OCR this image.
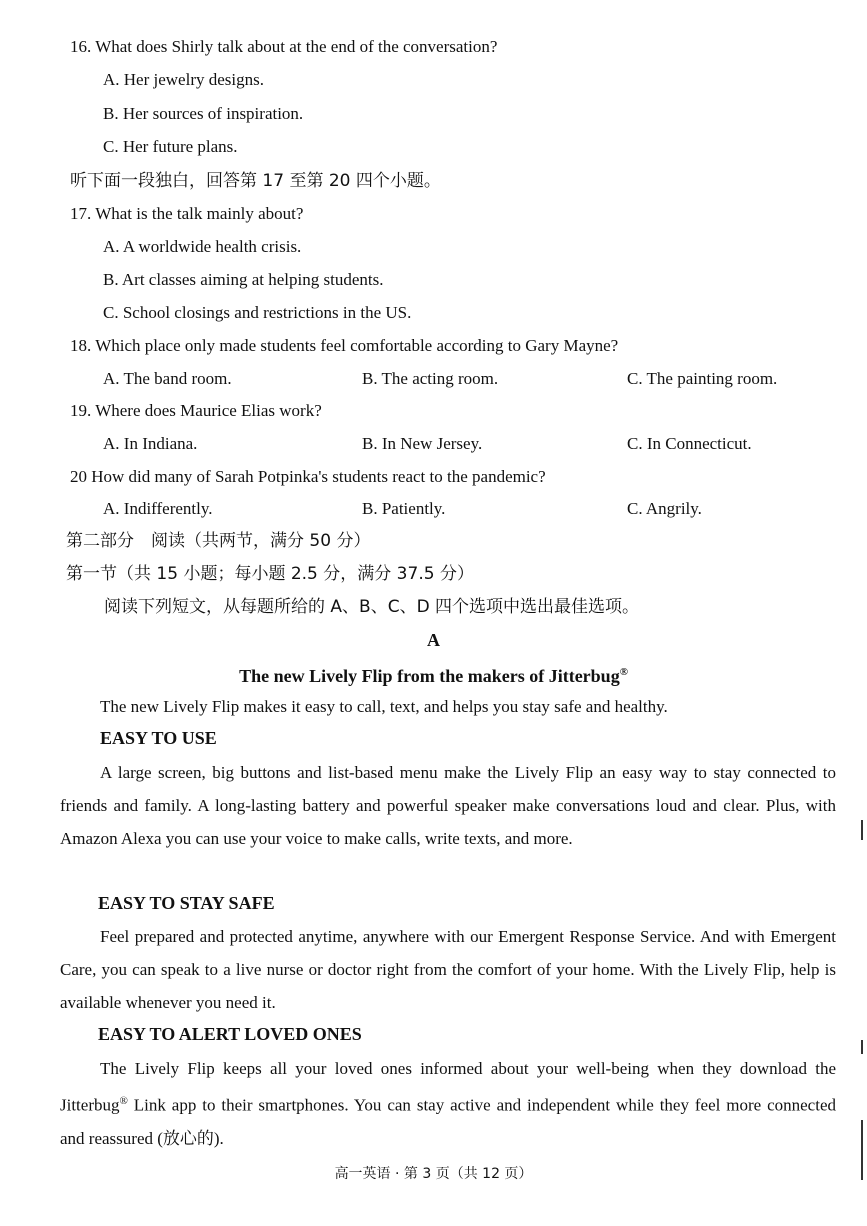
16. What does Shirly talk about at the end of the conversation?
A. Her jewelry designs.
B. Her sources of inspiration.
C. Her future plans.
听下面一段独白，回答第 17 至第 20 四个小题。
17. What is the talk mainly about?
A. A worldwide health crisis.
B. Art classes aiming at helping students.
C. School closings and restrictions in the US.
18. Which place only made students feel comfortable according to Gary Mayne?
A. The band room.	B. The acting room.	C. The painting room.
19. Where does Maurice Elias work?
A. In Indiana.	B. In New Jersey.	C. In Connecticut.
20 How did many of Sarah Potpinka's students react to the pandemic?
A. Indifferently.	B. Patiently.	C. Angrily.
第二部分　阅读（共两节，满分 50 分）
第一节（共 15 小题；每小题 2.5 分，满分 37.5 分）
阅读下列短文，从每题所给的 A、B、C、D 四个选项中选出最佳选项。
A
The new Lively Flip from the makers of Jitterbug®
The new Lively Flip makes it easy to call, text, and helps you stay safe and healthy.
EASY TO USE
A large screen, big buttons and list-based menu make the Lively Flip an easy way to stay connected to friends and family. A long-lasting battery and powerful speaker make conversations loud and clear. Plus, with Amazon Alexa you can use your voice to make calls, write texts, and more.
EASY TO STAY SAFE
Feel prepared and protected anytime, anywhere with our Emergent Response Service. And with Emergent Care, you can speak to a live nurse or doctor right from the comfort of your home. With the Lively Flip, help is available whenever you need it.
EASY TO ALERT LOVED ONES
The Lively Flip keeps all your loved ones informed about your well-being when they download the Jitterbug® Link app to their smartphones. You can stay active and independent while they feel more connected and reassured (放心的).
高一英语 · 第 3 页（共 12 页）
